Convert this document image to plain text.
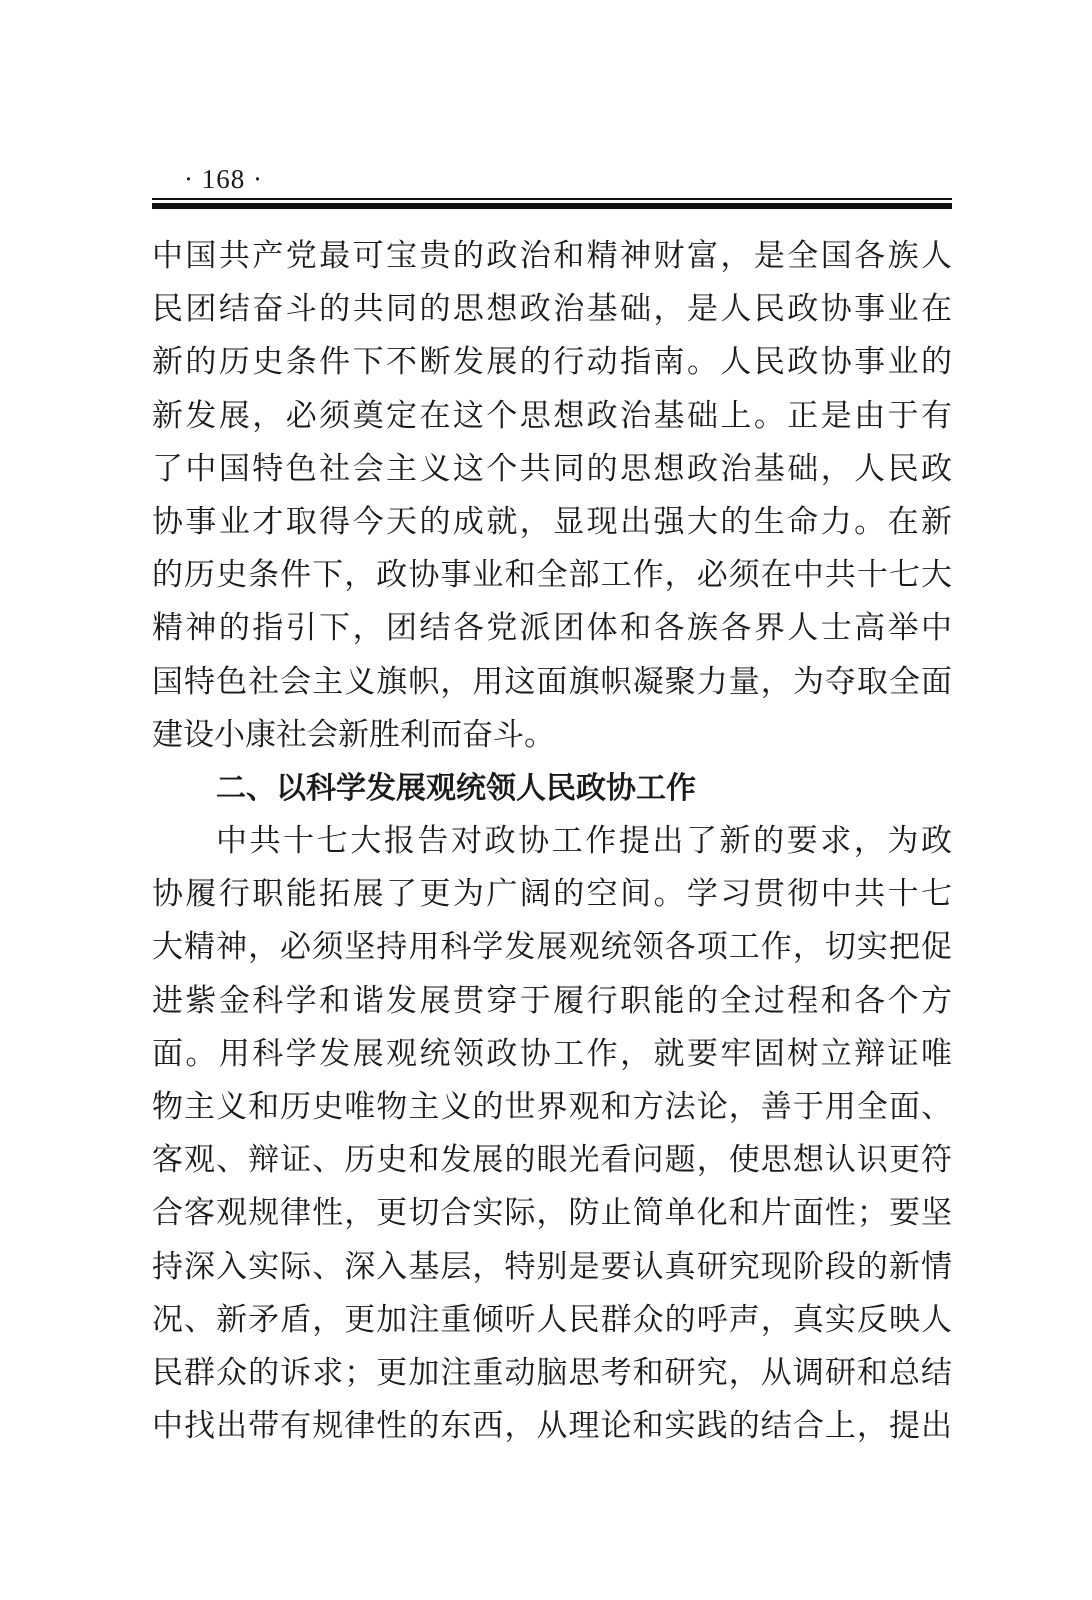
· 168 ·
中国共产党最可宝贵的政治和精神财富，是全国各族人
民团结奋斗的共同的思想政治基础，是人民政协事业在
新的历史条件下不断发展的行动指南。人民政协事业的
新发展，必须奠定在这个思想政治基础上。正是由于有
了中国特色社会主义这个共同的思想政治基础，人民政
协事业才取得今天的成就，显现出强大的生命力。在新
的历史条件下，政协事业和全部工作，必须在中共十七大
精神的指引下，团结各党派团体和各族各界人士高举中
国特色社会主义旗帜，用这面旗帜凝聚力量，为夺取全面
建设小康社会新胜利而奋斗。
二、以科学发展观统领人民政协工作
中共十七大报告对政协工作提出了新的要求，为政
协履行职能拓展了更为广阔的空间。学习贯彻中共十七
大精神，必须坚持用科学发展观统领各项工作，切实把促
进紫金科学和谐发展贯穿于履行职能的全过程和各个方
面。用科学发展观统领政协工作，就要牢固树立辩证唯
物主义和历史唯物主义的世界观和方法论，善于用全面、
客观、辩证、历史和发展的眼光看问题，使思想认识更符
合客观规律性，更切合实际，防止简单化和片面性；要坚
持深入实际、深入基层，特别是要认真研究现阶段的新情
况、新矛盾，更加注重倾听人民群众的呼声，真实反映人
民群众的诉求；更加注重动脑思考和研究，从调研和总结
中找出带有规律性的东西，从理论和实践的结合上，提出
